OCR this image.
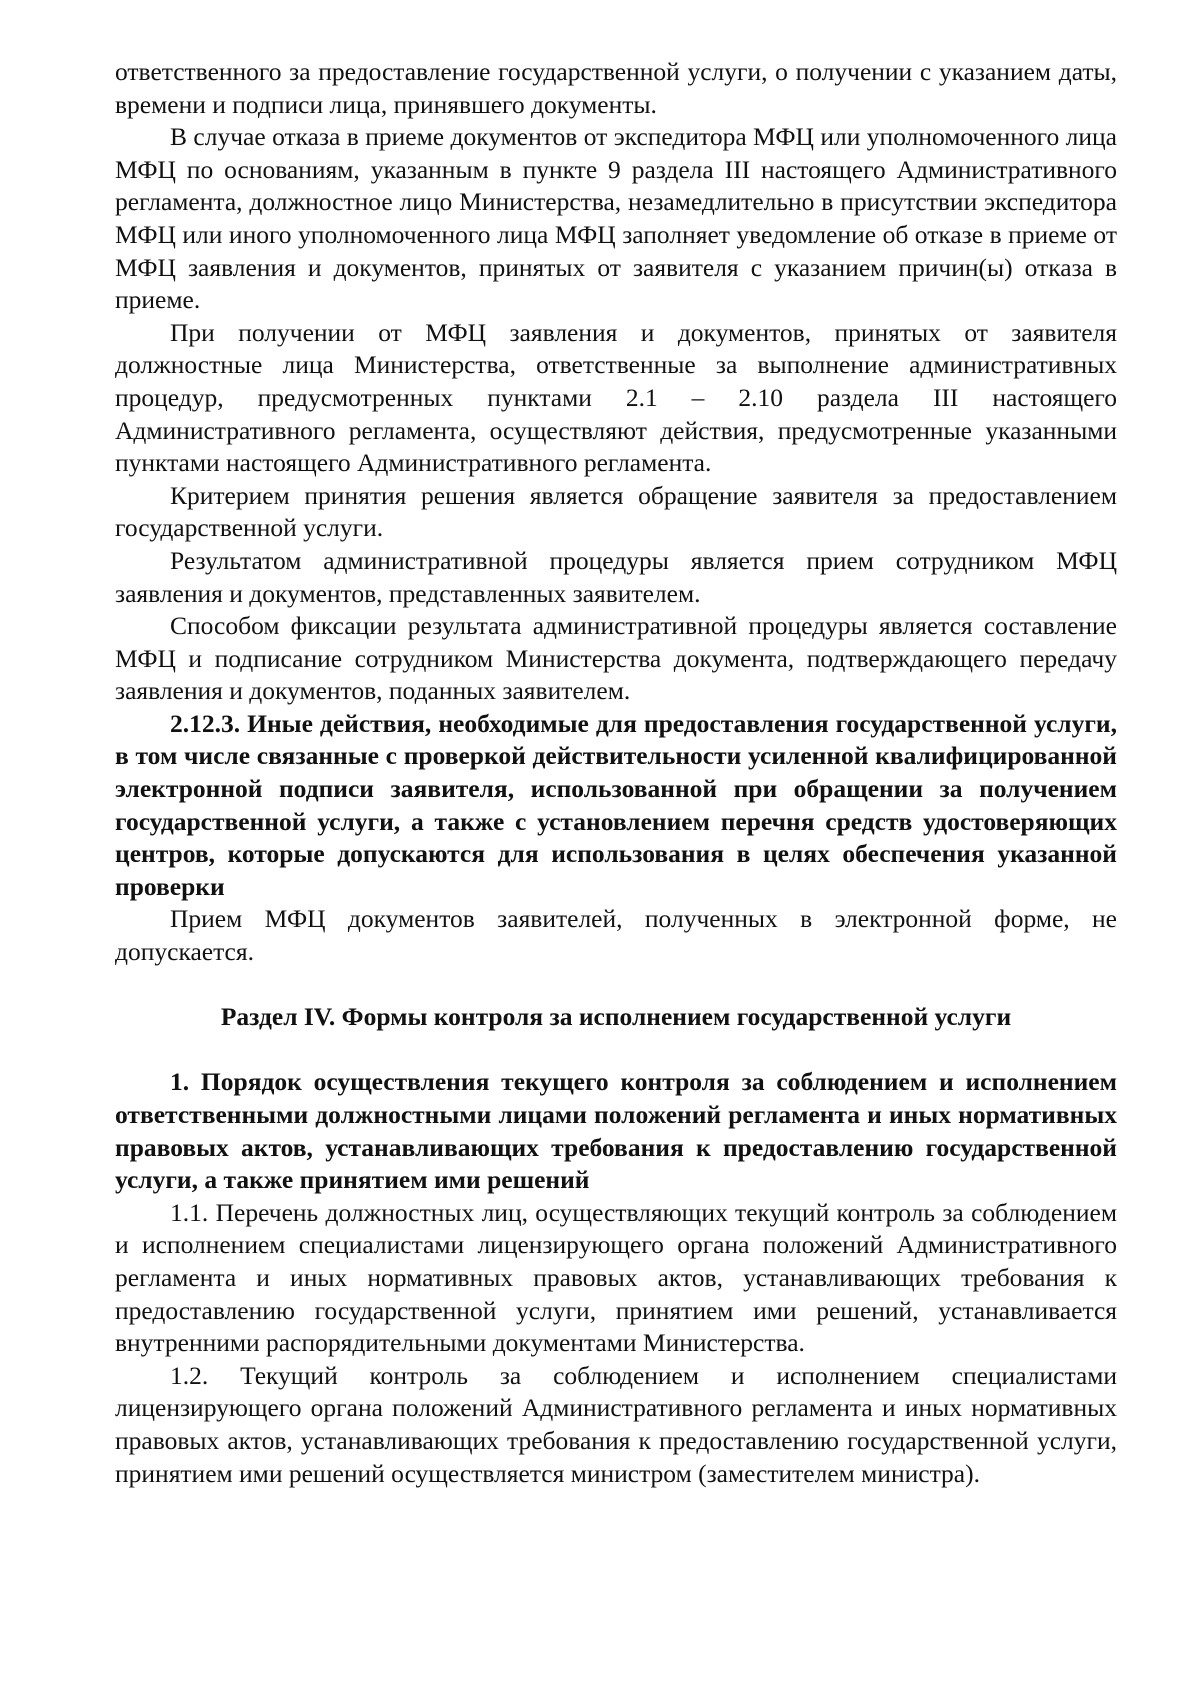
ответственного за предоставление государственной услуги, о получении с указанием даты, времени и подписи лица, принявшего документы.

В случае отказа в приеме документов от экспедитора МФЦ или уполномоченного лица МФЦ по основаниям, указанным в пункте 9 раздела III настоящего Административного регламента, должностное лицо Министерства, незамедлительно в присутствии экспедитора МФЦ или иного уполномоченного лица МФЦ заполняет уведомление об отказе в приеме от МФЦ заявления и документов, принятых от заявителя с указанием причин(ы) отказа в приеме.

При получении от МФЦ заявления и документов, принятых от заявителя должностные лица Министерства, ответственные за выполнение административных процедур, предусмотренных пунктами 2.1 – 2.10 раздела III настоящего Административного регламента, осуществляют действия, предусмотренные указанными пунктами настоящего Административного регламента.

Критерием принятия решения является обращение заявителя за предоставлением государственной услуги.

Результатом административной процедуры является прием сотрудником МФЦ заявления и документов, представленных заявителем.

Способом фиксации результата административной процедуры является составление МФЦ и подписание сотрудником Министерства документа, подтверждающего передачу заявления и документов, поданных заявителем.

2.12.3. Иные действия, необходимые для предоставления государственной услуги, в том числе связанные с проверкой действительности усиленной квалифицированной электронной подписи заявителя, использованной при обращении за получением государственной услуги, а также с установлением перечня средств удостоверяющих центров, которые допускаются для использования в целях обеспечения указанной проверки

Прием МФЦ документов заявителей, полученных в электронной форме, не допускается.

Раздел IV. Формы контроля за исполнением государственной услуги

1. Порядок осуществления текущего контроля за соблюдением и исполнением ответственными должностными лицами положений регламента и иных нормативных правовых актов, устанавливающих требования к предоставлению государственной услуги, а также принятием ими решений

1.1. Перечень должностных лиц, осуществляющих текущий контроль за соблюдением и исполнением специалистами лицензирующего органа положений Административного регламента и иных нормативных правовых актов, устанавливающих требования к предоставлению государственной услуги, принятием ими решений, устанавливается внутренними распорядительными документами Министерства.

1.2. Текущий контроль за соблюдением и исполнением специалистами лицензирующего органа положений Административного регламента и иных нормативных правовых актов, устанавливающих требования к предоставлению государственной услуги, принятием ими решений осуществляется министром (заместителем министра).
